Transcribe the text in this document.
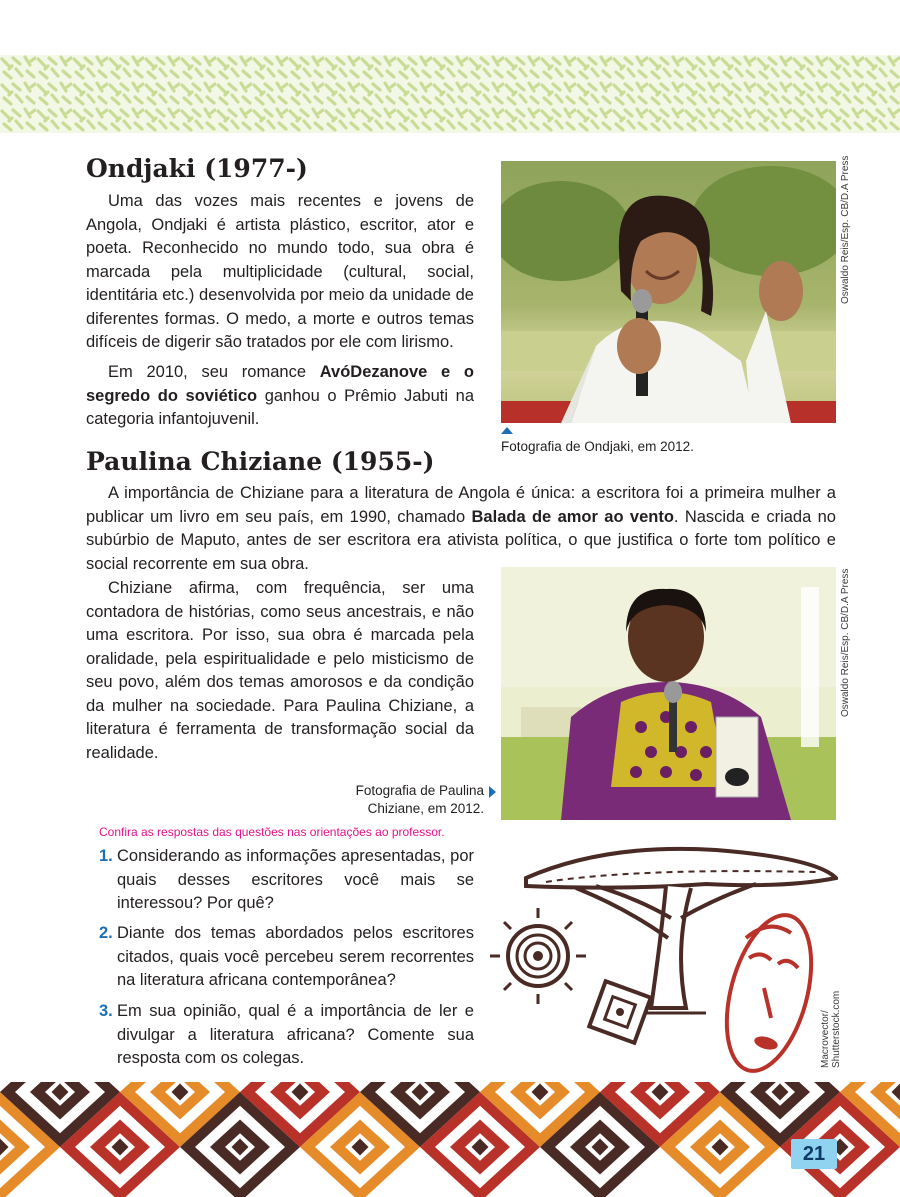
Ondjaki (1977-)

Uma das vozes mais recentes e jovens de Angola, Ondjaki é artista plástico, escritor, ator e poeta. Reconhecido no mundo todo, sua obra é marcada pela multiplicidade (cultural, social, identitária etc.) desenvolvida por meio da unidade de diferentes formas. O medo, a morte e outros temas difíceis de digerir são tratados por ele com lirismo.

Em 2010, seu romance AvóDezanove e o segredo do soviético ganhou o Prêmio Jabuti na categoria infantojuvenil.

Oswaldo Reis/Esp. CB/D.A Press
Fotografia de Ondjaki, em 2012.
Paulina Chiziane (1955-)

A importância de Chiziane para a literatura de Angola é única: a escritora foi a primeira mulher a publicar um livro em seu país, em 1990, chamado Balada de amor ao vento. Nascida e criada no subúrbio de Maputo, antes de ser escritora era ativista política, o que justifica o forte tom político e social recorrente em sua obra.

Chiziane afirma, com frequência, ser uma contadora de histórias, como seus ancestrais, e não uma escritora. Por isso, sua obra é marcada pela oralidade, pela espiritualidade e pelo misticismo de seu povo, além dos temas amorosos e da condição da mulher na sociedade. Para Paulina Chiziane, a literatura é ferramenta de transformação social da realidade.

Oswaldo Reis/Esp. CB/D.A Press
Fotografia de Paulina
Chiziane, em 2012.
Confira as respostas das questões nas orientações ao professor.
1. Considerando as informações apresentadas, por quais desses escritores você mais se interessou? Por quê?
2. Diante dos temas abordados pelos escritores citados, quais você percebeu serem recorrentes na literatura africana contemporânea?
3. Em sua opinião, qual é a importância de ler e divulgar a literatura africana? Comente sua resposta com os colegas.	Macrovector/ Shutterstock.com
21
